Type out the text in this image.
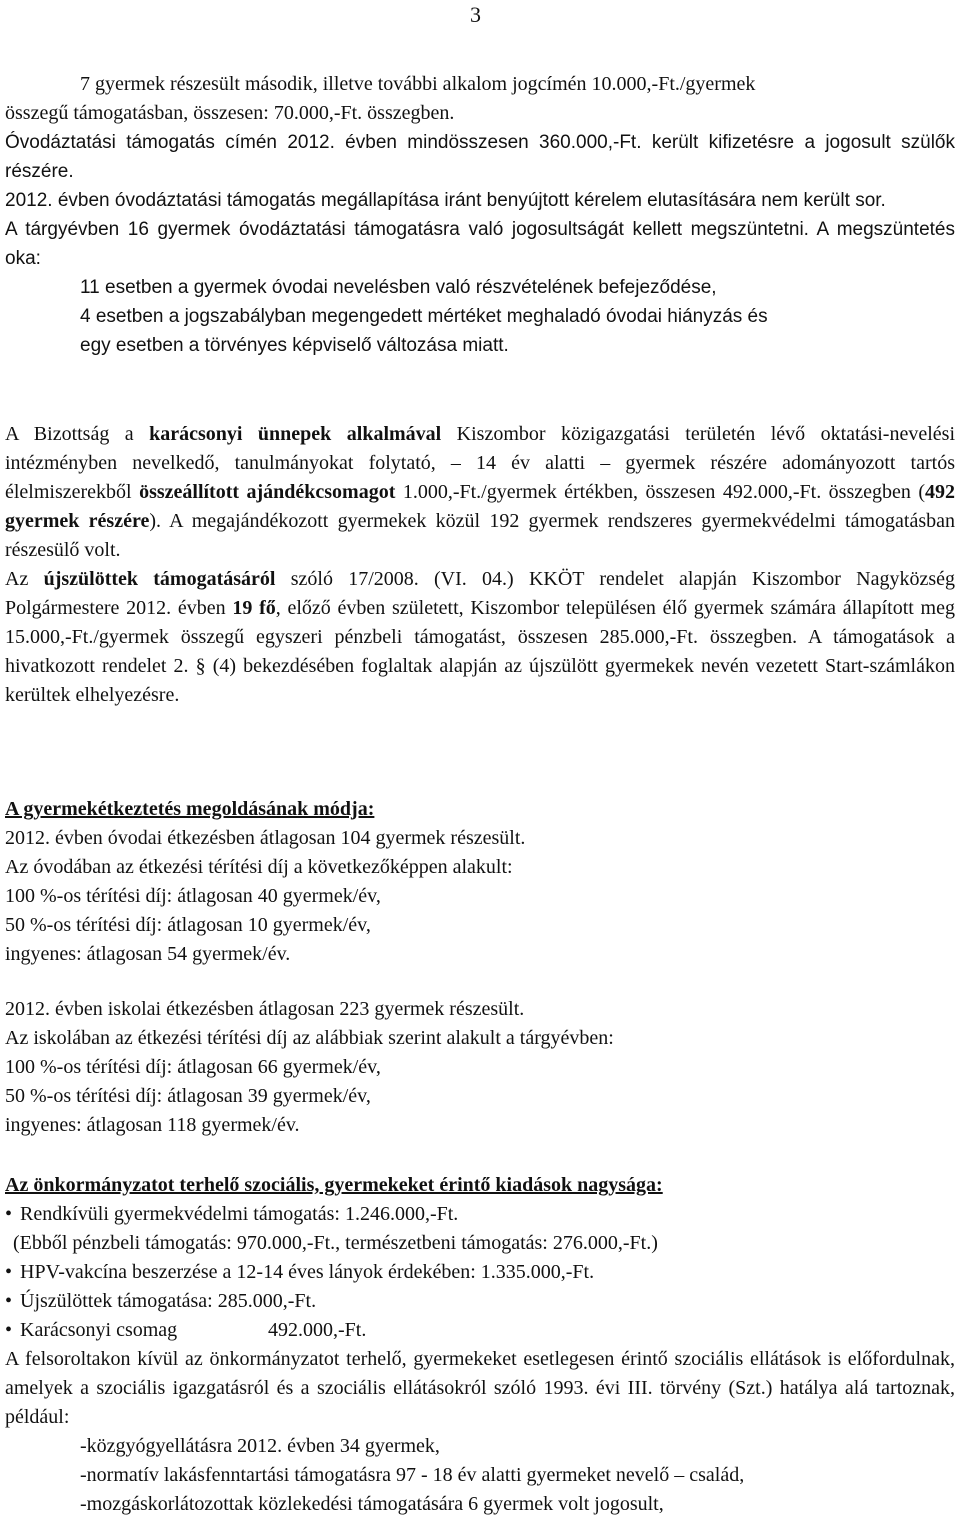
3

7 gyermek részesült második, illetve további alkalom jogcímén 10.000,-Ft./gyermek

összegű támogatásban, összesen: 70.000,-Ft. összegben.

Óvodáztatási támogatás címén 2012. évben mindösszesen 360.000,-Ft. került kifizetésre a jogosult szülők részére.

2012. évben óvodáztatási támogatás megállapítása iránt benyújtott kérelem elutasítására nem került sor.

A tárgyévben 16 gyermek óvodáztatási támogatásra való jogosultságát kellett megszüntetni. A megszüntetés oka:

11 esetben a gyermek óvodai nevelésben való részvételének befejeződése,

4 esetben a jogszabályban megengedett mértéket meghaladó óvodai hiányzás és

egy esetben a törvényes képviselő változása miatt.

A Bizottság a karácsonyi ünnepek alkalmával Kiszombor közigazgatási területén lévő oktatási-nevelési intézményben nevelkedő, tanulmányokat folytató, – 14 év alatti – gyermek részére adományozott tartós élelmiszerekből összeállított ajándékcsomagot 1.000,-Ft./gyermek értékben, összesen 492.000,-Ft. összegben (492 gyermek részére). A megajándékozott gyermekek közül 192 gyermek rendszeres gyermekvédelmi támogatásban részesülő volt.

Az újszülöttek támogatásáról szóló 17/2008. (VI. 04.) KKÖT rendelet alapján Kiszombor Nagyközség Polgármestere 2012. évben 19 fő, előző évben született, Kiszombor településen élő gyermek számára állapított meg 15.000,-Ft./gyermek összegű egyszeri pénzbeli támogatást, összesen 285.000,-Ft. összegben. A támogatások a hivatkozott rendelet 2. § (4) bekezdésében foglaltak alapján az újszülött gyermekek nevén vezetett Start-számlákon kerültek elhelyezésre.

A gyermekétkeztetés megoldásának módja:

2012. évben óvodai étkezésben átlagosan 104 gyermek részesült.

Az óvodában az étkezési térítési díj a következőképpen alakult:

100 %-os térítési díj: átlagosan 40 gyermek/év,

50 %-os térítési díj: átlagosan 10 gyermek/év,

ingyenes: átlagosan 54 gyermek/év.

2012. évben iskolai étkezésben átlagosan 223 gyermek részesült.

Az iskolában az étkezési térítési díj az alábbiak szerint alakult a tárgyévben:

100 %-os térítési díj: átlagosan 66 gyermek/év,

50 %-os térítési díj: átlagosan 39 gyermek/év,

ingyenes: átlagosan 118 gyermek/év.

Az önkormányzatot terhelő szociális, gyermekeket érintő kiadások nagysága:

• Rendkívüli gyermekvédelmi támogatás: 1.246.000,-Ft.

(Ebből pénzbeli támogatás: 970.000,-Ft., természetbeni támogatás: 276.000,-Ft.)

• HPV-vakcína beszerzése a 12-14 éves lányok érdekében: 1.335.000,-Ft.

• Újszülöttek támogatása: 285.000,-Ft.

• Karácsonyi csomag	492.000,-Ft.

A felsoroltakon kívül az önkormányzatot terhelő, gyermekeket esetlegesen érintő szociális ellátások is előfordulnak, amelyek a szociális igazgatásról és a szociális ellátásokról szóló 1993. évi III. törvény (Szt.) hatálya alá tartoznak, például:

-közgyógyellátásra 2012. évben 34 gyermek,

-normatív lakásfenntartási támogatásra 97 - 18 év alatti gyermeket nevelő – család,

-mozgáskorlátozottak közlekedési támogatására 6 gyermek volt jogosult,
